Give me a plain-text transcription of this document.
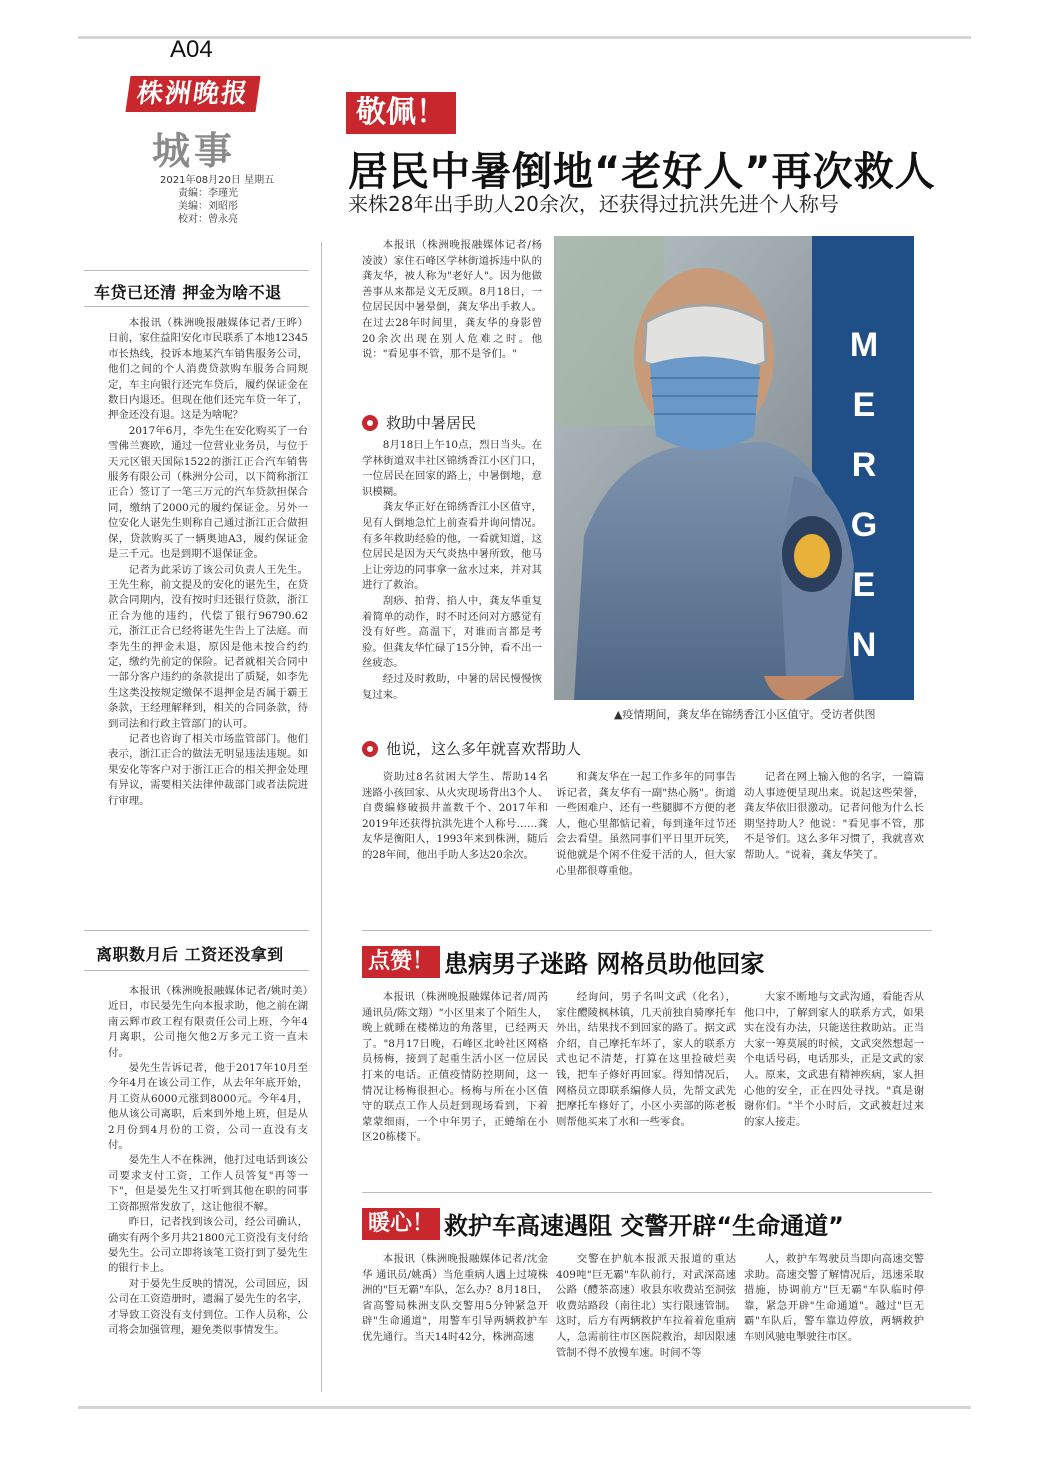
A04
株洲晚报
城事
2021年08月20日 星期五
责编：李瑾光
美编：刘昭彤
校对：曾永亮
车贷已还清 押金为啥不退

本报讯（株洲晚报融媒体记者/王晔）日前，家住益阳安化市民联系了本地12345市长热线，投诉本地某汽车销售服务公司，他们之间的个人消费贷款购车服务合同规定，车主向银行还完车贷后，履约保证金在数日内退还。但现在他们还完车贷一年了，押金还没有退。这是为啥呢？

2017年6月，李先生在安化购买了一台雪佛兰赛欧，通过一位营业业务员，与位于天元区银天国际1522的浙江正合汽车销售服务有限公司（株洲分公司，以下简称浙江正合）签订了一笔三万元的汽车贷款担保合同，缴纳了2000元的履约保证金。另外一位安化人谌先生则称自己通过浙江正合做担保，贷款购买了一辆奥迪A3，履约保证金是三千元。也是到期不退保证金。

记者为此采访了该公司负责人王先生。王先生称，前文提及的安化的谌先生，在贷款合同期内，没有按时归还银行贷款，浙江正合为他的违约，代偿了银行96790.62元，浙江正合已经将谌先生告上了法庭。而李先生的押金未退，原因是他未按合约约定，缴约先前定的保险。记者就相关合同中一部分客户违约的条款提出了质疑，如李先生这类没按规定缴保不退押金是否属于霸王条款，王经理解释到，相关的合同条款，待到司法和行政主管部门的认可。

记者也咨询了相关市场监管部门。他们表示，浙江正合的做法无明显违法违规。如果安化等客户对于浙江正合的相关押金处理有异议，需要相关法律仲裁部门或者法院进行审理。

离职数月后 工资还没拿到

本报讯（株洲晚报融媒体记者/姚时美）近日，市民晏先生向本报求助，他之前在湖南云辉市政工程有限责任公司上班，今年4月离职，公司拖欠他2万多元工资一直未付。

晏先生告诉记者，他于2017年10月至今年4月在该公司工作，从去年年底开始，月工资从6000元涨到8000元。今年4月，他从该公司离职，后来到外地上班，但是从2月份到4月份的工资，公司一直没有支付。

晏先生人不在株洲，他打过电话到该公司要求支付工资，工作人员答复"再等一下"，但是晏先生又打听到其他在职的同事工资都照常发放了，这让他很不解。

昨日，记者找到该公司，经公司确认，确实有两个多月共21800元工资没有支付给晏先生。公司立即将该笔工资打到了晏先生的银行卡上。

对于晏先生反映的情况，公司回应，因公司在工资造册时，遗漏了晏先生的名字，才导致工资没有支付到位。工作人员称，公司将会加强管理，避免类似事情发生。

敬佩！
居民中暑倒地“老好人”再次救人
来株28年出手助人20余次，还获得过抗洪先进个人称号

本报讯（株洲晚报融媒体记者/杨凌波）家住石峰区学林街道拆违中队的龚友华，被人称为"老好人"。因为他做善事从来都是义无反顾。8月18日，一位居民因中暑晕倒，龚友华出手救人。在过去28年时间里，龚友华的身影曾20余次出现在别人危难之时。他说："看见事不管，那不是爷们。"

救助中暑居民

8月18日上午10点，烈日当头。在学林街道双丰社区锦绣香江小区门口，一位居民在回家的路上，中暑倒地，意识模糊。

龚友华正好在锦绣香江小区值守，见有人倒地急忙上前查看并询问情况。有多年救助经验的他，一看就知道，这位居民是因为天气炎热中暑所致，他马上让旁边的同事拿一盆水过来，并对其进行了救治。

刮痧、拍背、掐人中，龚友华重复着简单的动作，时不时还问对方感觉有没有好些。高温下，对谁而言都是考验。但龚友华忙碌了15分钟，看不出一丝疲态。

经过及时救助，中暑的居民慢慢恢复过来。

M
E
R
G
E
N
▲疫情期间，龚友华在锦绣香江小区值守。受访者供图
他说，这么多年就喜欢帮助人

资助过8名贫困大学生、帮助14名迷路小孩回家、从火灾现场背出3个人、自费编修破损井盖数千个、2017年和2019年还获得抗洪先进个人称号……龚友华是衡阳人，1993年来到株洲，随后的28年间，他出手助人多达20余次。

和龚友华在一起工作多年的同事告诉记者，龚友华有一副"热心肠"。街道一些困难户、还有一些腿脚不方便的老人，他心里都惦记着，每到逢年过节还会去看望。虽然同事们平日里开玩笑，说他就是个闲不住爱干活的人，但大家心里都很尊重他。

记者在网上输入他的名字，一篇篇动人事迹便呈现出来。说起这些荣誉，龚友华依旧很激动。记者问他为什么长期坚持助人？他说："看见事不管，那不是爷们。这么多年习惯了，我就喜欢帮助人。"说着，龚友华笑了。

点赞！ 患病男子迷路 网格员助他回家

本报讯（株洲晚报融媒体记者/周芮 通讯员/陈文翔）"小区里来了个陌生人，晚上就睡在楼梯边的角落里，已经两天了。"8月17日晚，石峰区北岭社区网格员杨梅，接到了起重生活小区一位居民打来的电话。正值疫情防控期间，这一情况让杨梅很担心。杨梅与所在小区值守的联点工作人员赶到现场看到，下着蒙蒙细雨，一个中年男子，正蜷缩在小区20栋楼下。

经询问，男子名叫文武（化名），家住醴陵枫林镇，几天前独自骑摩托车外出，结果找不到回家的路了。据文武介绍，自己摩托车坏了，家人的联系方式也记不清楚，打算在这里捡破烂卖钱，把车子修好再回家。得知情况后，网格员立即联系编修人员，先帮文武先把摩托车修好了，小区小卖部的陈老板则帮他买来了水和一些零食。

大家不断地与文武沟通，看能否从他口中，了解到家人的联系方式，如果实在没有办法，只能送往救助站。正当大家一筹莫展的时候，文武突然想起一个电话号码，电话那头，正是文武的家人。原来，文武患有精神疾病，家人担心他的安全，正在四处寻找。"真是谢谢你们。"半个小时后，文武被赶过来的家人接走。

暖心！ 救护车高速遇阻 交警开辟“生命通道”

本报讯（株洲晚报融媒体记者/沈金华 通讯员/姚禹）当危重病人遇上过境株洲的"巨无霸"车队，怎么办？8月18日，省高警局株洲支队交警用5分钟紧急开辟"生命通道"，用警车引导两辆救护车优先通行。当天14时42分，株洲高速

交警在护航本报派天报道的重达409吨"巨无霸"车队前行，对武深高速公路（醴茶高速）收县东收费站至洞弦收费站路段（南往北）实行限速管制。这时，后方有两辆救护车拉着着危重病人，急需前往市区医院救治，却因限速管制不得不放慢车速。时间不等

人，救护车驾驶员当即向高速交警求助。高速交警了解情况后，迅速采取措施，协调前方"巨无霸"车队临时停靠，紧急开辟"生命通道"。越过"巨无霸"车队后，警车靠边停放，两辆救护车则风驰电掣驶往市区。
